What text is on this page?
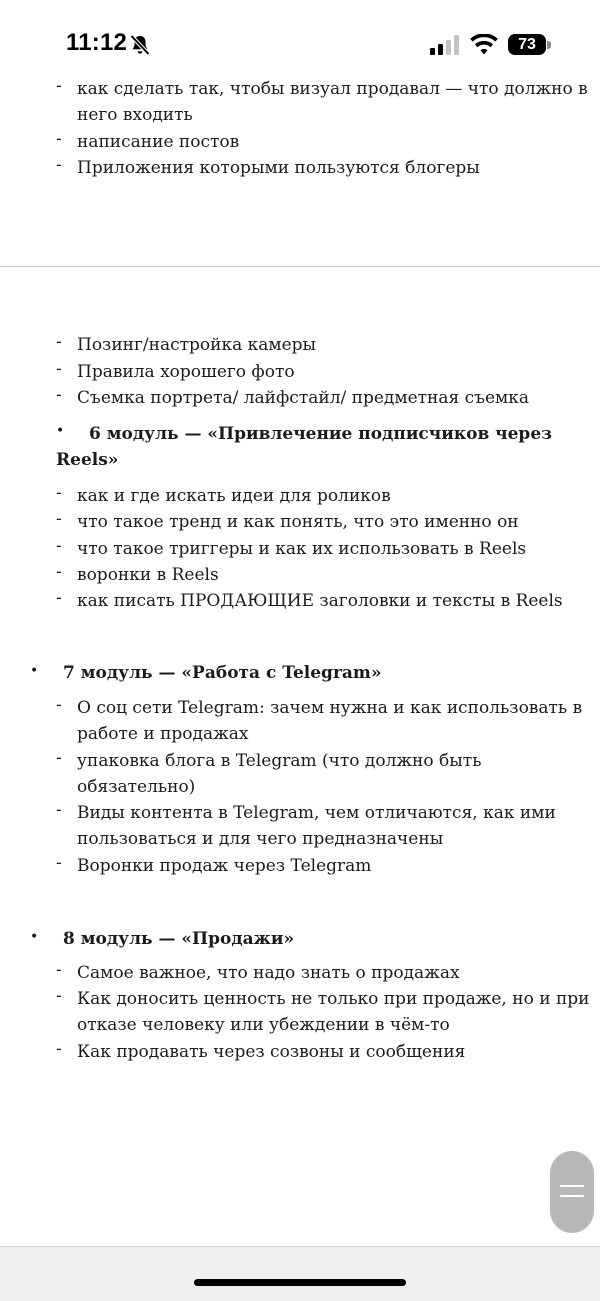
как сделать так, чтобы визуал продавал — что должно в
-
него входить
- написание постов
- Приложения которыми пользуются блогеры
- Позинг/настройка камеры
- Правила хорошего фото
- Съемка портрета/ лайфстайл/ предметная съемка
• 6 модуль — «Привлечение подписчиков через
Reels»
- как и где искать идеи для роликов
- что такое тренд и как понять, что это именно он
- что такое триггеры и как их использовать в Reels
- воронки в Reels
- как писать ПРОДАЮЩИЕ заголовки и тексты в Reels
• 7 модуль — «Работа с Telegram»
- О соц сети Telegram: зачем нужна и как использовать в
работе и продажах
- упаковка блога в Telegram (что должно быть
обязательно)
- Виды контента в Telegram, чем отличаются, как ими
пользоваться и для чего предназначены
- Воронки продаж через Telegram
• 8 модуль — «Продажи»
- Самое важное, что надо знать о продажах
- Как доносить ценность не только при продаже, но и при
отказе человеку или убеждении в чём-то
- Как продавать через созвоны и сообщения
11:12	73
